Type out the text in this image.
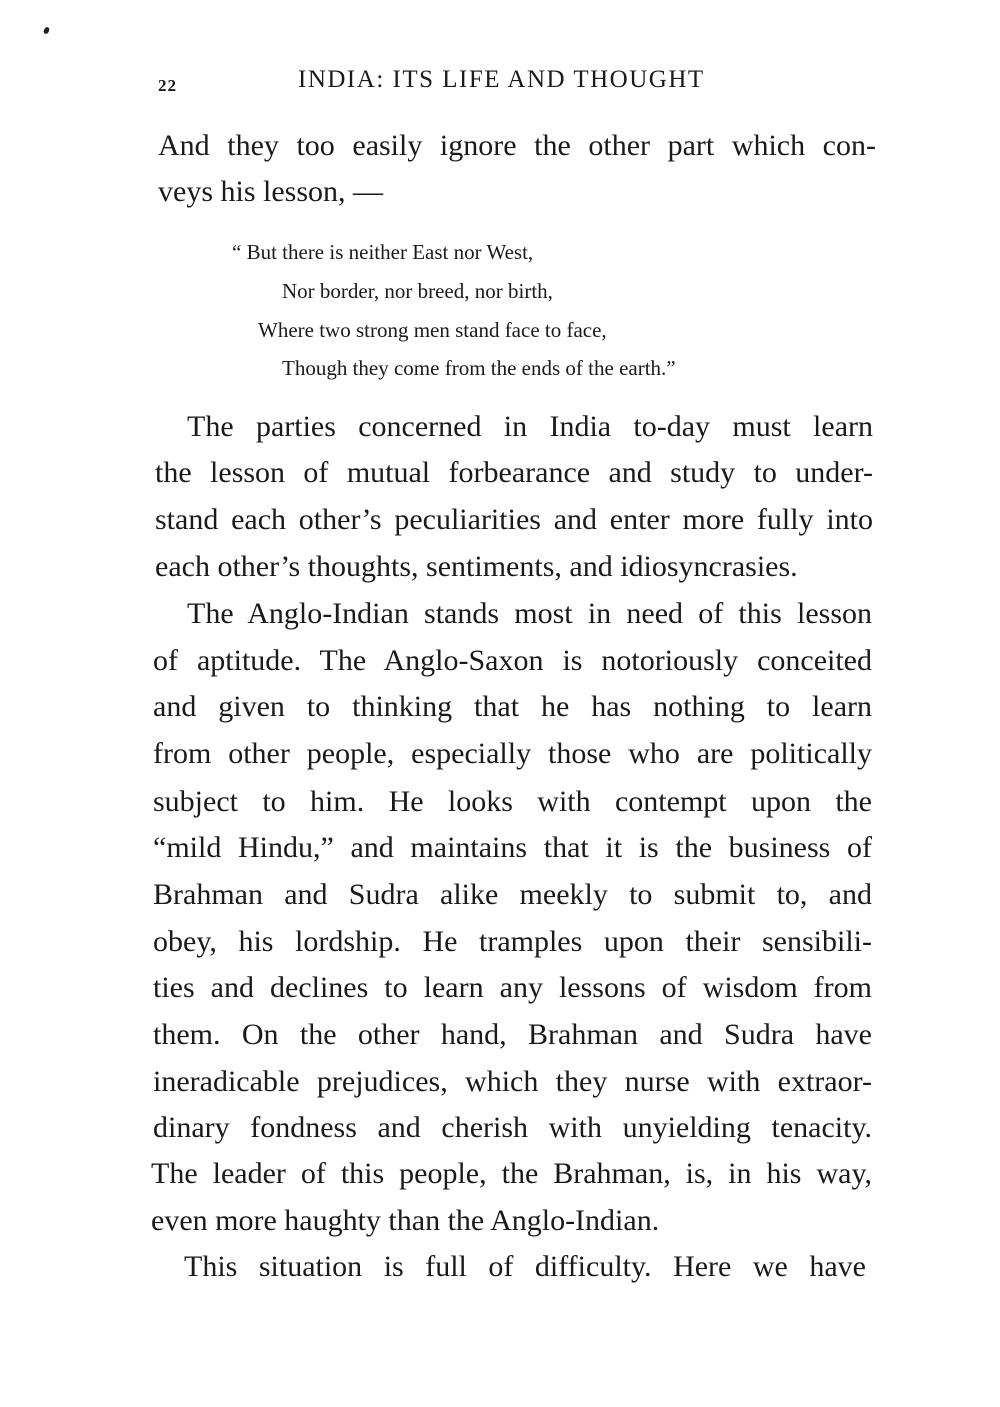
22	INDIA: ITS LIFE AND THOUGHT

And they too easily ignore the other part which con-

veys his lesson, —

“ But there is neither East nor West,

Nor border, nor breed, nor birth,

Where two strong men stand face to face,

Though they come from the ends of the earth.”

The parties concerned in India to-day must learn

the lesson of mutual forbearance and study to under-

stand each other’s peculiarities and enter more fully into

each other’s thoughts, sentiments, and idiosyncrasies.

The Anglo-Indian stands most in need of this lesson

of aptitude. The Anglo-Saxon is notoriously conceited

and given to thinking that he has nothing to learn

from other people, especially those who are politically

subject to him. He looks with contempt upon the

“mild Hindu,” and maintains that it is the business of

Brahman and Sudra alike meekly to submit to, and

obey, his lordship. He tramples upon their sensibili-

ties and declines to learn any lessons of wisdom from

them. On the other hand, Brahman and Sudra have

ineradicable prejudices, which they nurse with extraor-

dinary fondness and cherish with unyielding tenacity.

The leader of this people, the Brahman, is, in his way,

even more haughty than the Anglo-Indian.

This situation is full of difficulty. Here we have
